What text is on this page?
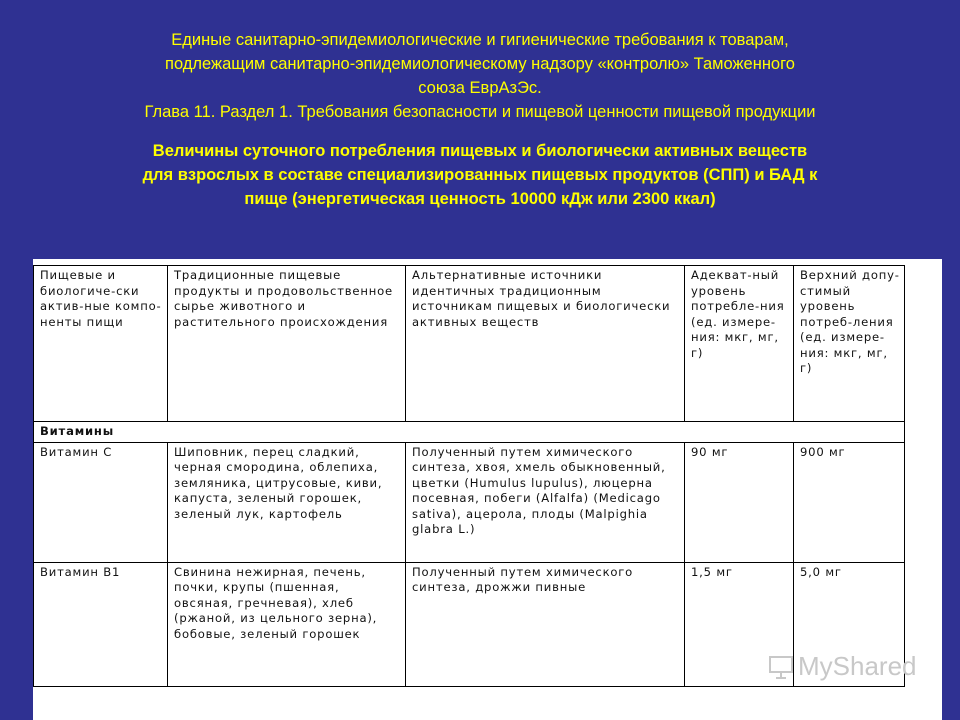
Единые санитарно-эпидемиологические и гигиенические требования к товарам,
подлежащим санитарно-эпидемиологическому надзору «контролю» Таможенного
союза ЕврАзЭс.
Глава 11. Раздел 1. Требования безопасности и пищевой ценности пищевой продукции
Величины суточного потребления пищевых и биологически активных веществ
для взрослых в составе специализированных пищевых продуктов (СПП) и БАД к
пище (энергетическая ценность 10000 кДж или 2300 ккал)
Пищевые и биологиче-ски актив-ные компо-ненты пищи	Традиционные пищевые продукты и продовольственное сырье животного и растительного происхождения	Альтернативные источники идентичных традиционным источникам пищевых и биологически активных веществ	Адекват-ный уровень потребле-ния (ед. измере-ния: мкг, мг, г)	Верхний допу-стимый уровень потреб-ления (ед. измере-ния: мкг, мг, г)
Витамины				
Витамин С	Шиповник, перец сладкий, черная смородина, облепиха, земляника, цитрусовые, киви, капуста, зеленый горошек, зеленый лук, картофель	Полученный путем химического синтеза, хвоя, хмель обыкновенный, цветки (Humulus lupulus), люцерна посевная, побеги (Alfalfa) (Medicago sativa), ацерола, плоды (Malpighia glabra L.)	90 мг	900 мг
Витамин В1	Свинина нежирная, печень, почки, крупы (пшенная, овсяная, гречневая), хлеб (ржаной, из цельного зерна), бобовые, зеленый горошек	Полученный путем химического синтеза, дрожжи пивные	1,5 мг	5,0 мг
MyShared
